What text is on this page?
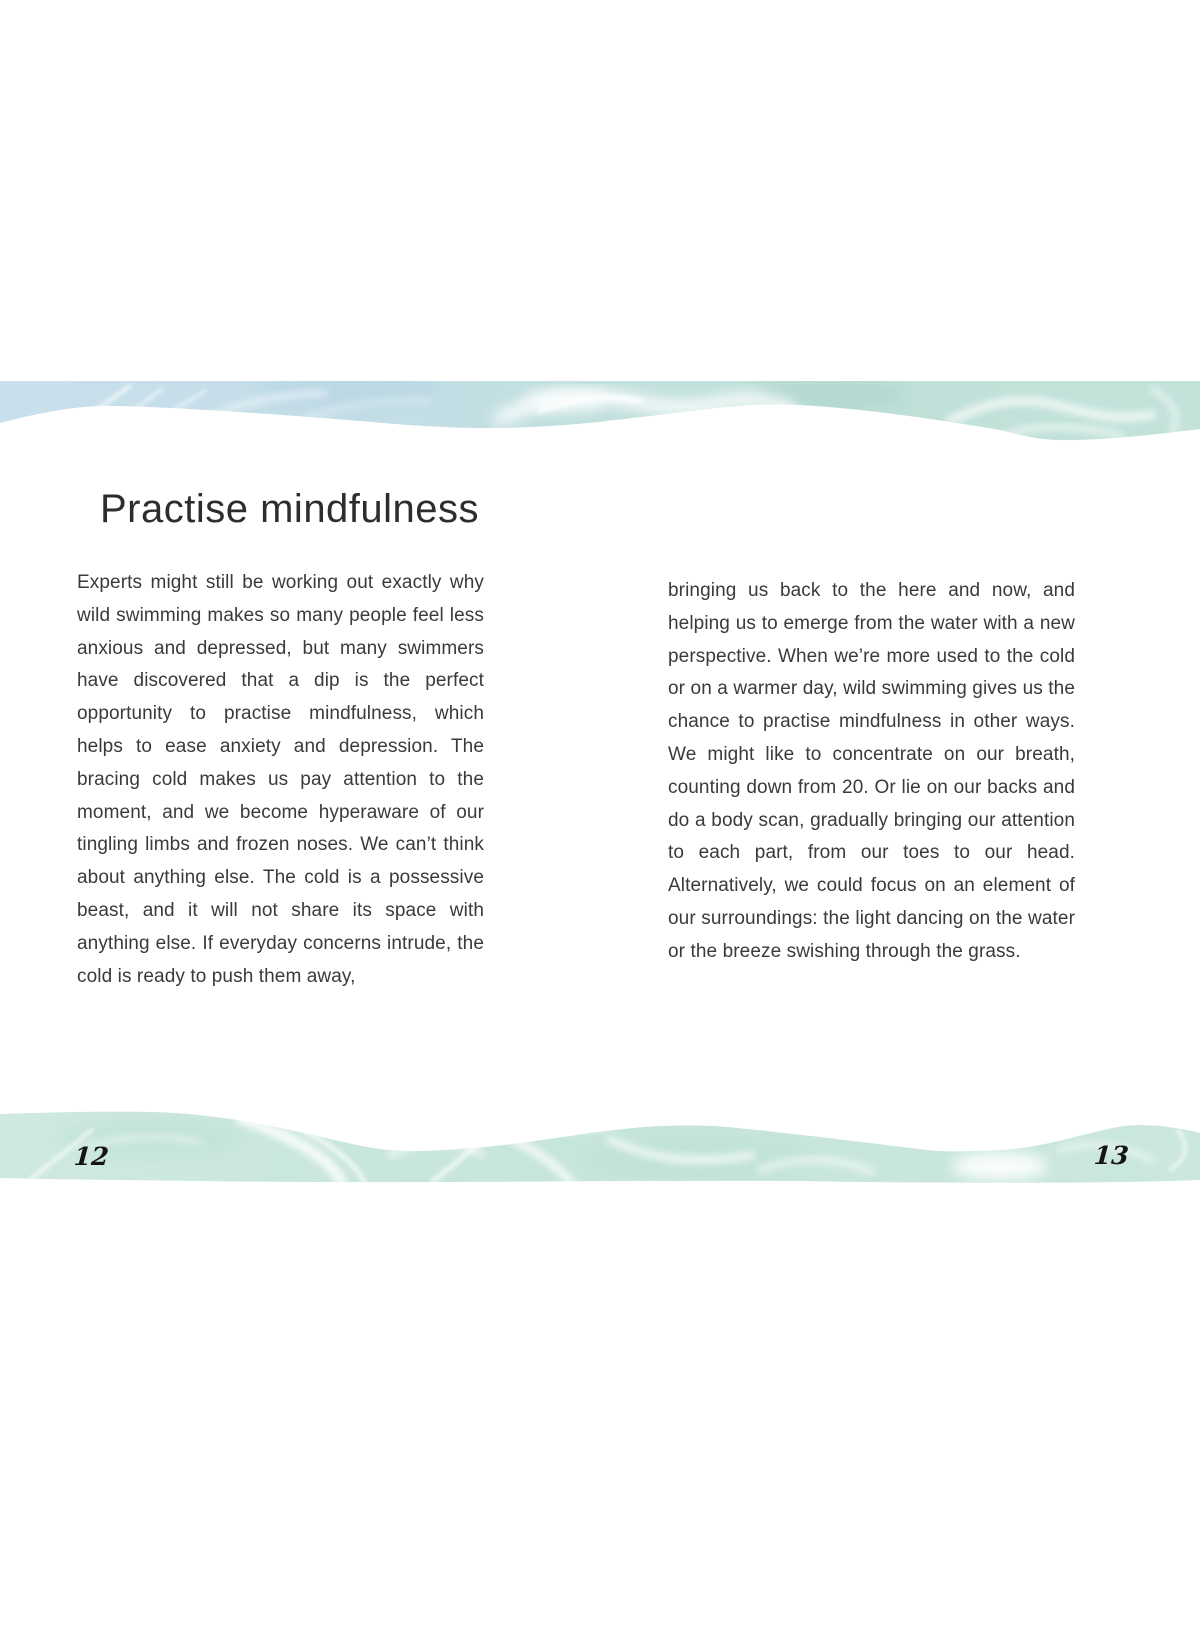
Practise mindfulness

Experts might still be working out exactly why wild swimming makes so many people feel less anxious and depressed, but many swimmers have discovered that a dip is the perfect opportunity to practise mindfulness, which helps to ease anxiety and depression. The bracing cold makes us pay attention to the moment, and we become hyperaware of our tingling limbs and frozen noses. We can’t think about anything else. The cold is a possessive beast, and it will not share its space with anything else. If everyday concerns intrude, the cold is ready to push them away,

bringing us back to the here and now, and helping us to emerge from the water with a new perspective. When we’re more used to the cold or on a warmer day, wild swimming gives us the chance to practise mindfulness in other ways. We might like to concentrate on our breath, counting down from 20. Or lie on our backs and do a body scan, gradually bringing our attention to each part, from our toes to our head. Alternatively, we could focus on an element of our surroundings: the light dancing on the water or the breeze swishing through the grass.

12	13
